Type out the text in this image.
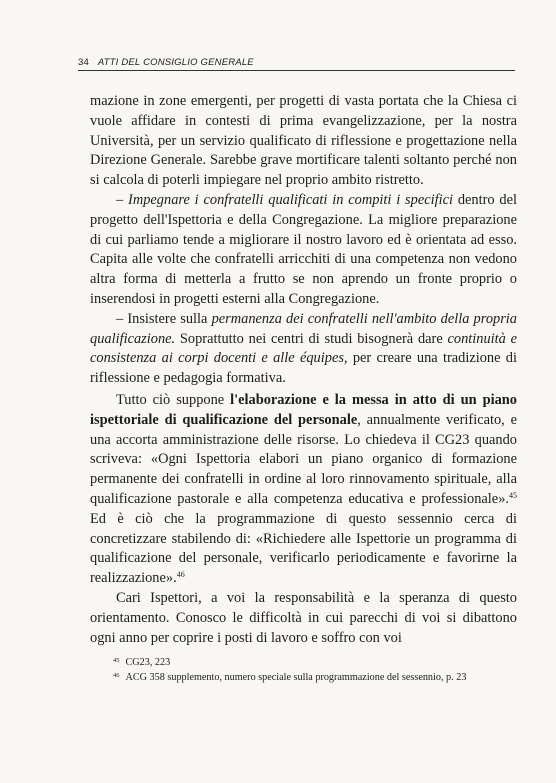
34 ATTI DEL CONSIGLIO GENERALE

mazione in zone emergenti, per progetti di vasta portata che la Chiesa ci vuole affidare in contesti di prima evangelizzazione, per la nostra Università, per un servizio qualificato di riflessione e progettazione nella Direzione Generale. Sarebbe grave mortificare talenti soltanto perché non si calcola di poterli impiegare nel proprio ambito ristretto.

– Impegnare i confratelli qualificati in compiti i specifici dentro del progetto dell'Ispettoria e della Congregazione. La migliore preparazione di cui parliamo tende a migliorare il nostro lavoro ed è orientata ad esso. Capita alle volte che confratelli arricchiti di una competenza non vedono altra forma di metterla a frutto se non aprendo un fronte proprio o inserendosi in progetti esterni alla Congregazione.

– Insistere sulla permanenza dei confratelli nell'ambito della propria qualificazione. Soprattutto nei centri di studi bisognerà dare continuità e consistenza ai corpi docenti e alle équipes, per creare una tradizione di riflessione e pedagogia formativa.

Tutto ciò suppone l'elaborazione e la messa in atto di un piano ispettoriale di qualificazione del personale, annualmente verificato, e una accorta amministrazione delle risorse. Lo chiedeva il CG23 quando scriveva: «Ogni Ispettoria elabori un piano organico di formazione permanente dei confratelli in ordine al loro rinnovamento spirituale, alla qualificazione pastorale e alla competenza educativa e professionale».$^{45}$ Ed è ciò che la programmazione di questo sessennio cerca di concretizzare stabilendo di: «Richiedere alle Ispettorie un programma di qualificazione del personale, verificarlo periodicamente e favorirne la realizzazione».$^{46}$

Cari Ispettori, a voi la responsabilità e la speranza di questo orientamento. Conosco le difficoltà in cui parecchi di voi si dibattono ogni anno per coprire i posti di lavoro e soffro con voi

$^{45}$ CG23, 223
$^{46}$ ACG 358 supplemento, numero speciale sulla programmazione del sessennio, p. 23
